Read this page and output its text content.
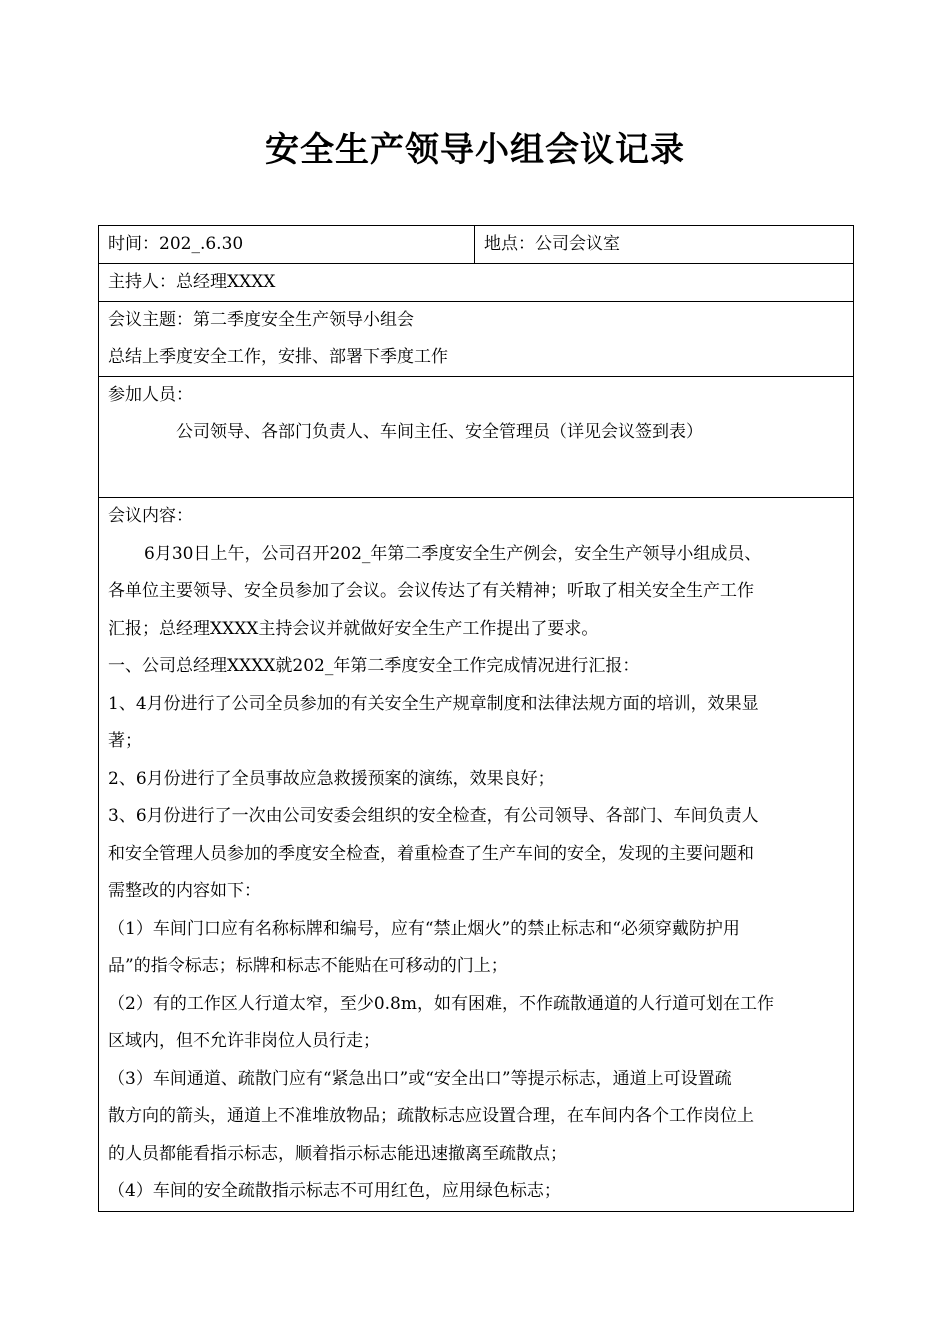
安全生产领导小组会议记录
时间：202_.6.30	地点：公司会议室

主持人：总经理XXXX

会议主题：第二季度安全生产领导小组会
总结上季度安全工作，安排、部署下季度工作

参加人员：
公司领导、各部门负责人、车间主任、安全管理员（详见会议签到表）

会议内容：
6月30日上午，公司召开202_年第二季度安全生产例会，安全生产领导小组成员、
各单位主要领导、安全员参加了会议。会议传达了有关精神；听取了相关安全生产工作
汇报；总经理XXXX主持会议并就做好安全生产工作提出了要求。
一、公司总经理XXXX就202_年第二季度安全工作完成情况进行汇报：
1、4月份进行了公司全员参加的有关安全生产规章制度和法律法规方面的培训，效果显
著；
2、6月份进行了全员事故应急救援预案的演练，效果良好；
3、6月份进行了一次由公司安委会组织的安全检查，有公司领导、各部门、车间负责人
和安全管理人员参加的季度安全检查，着重检查了生产车间的安全，发现的主要问题和
需整改的内容如下：
（1）车间门口应有名称标牌和编号，应有“禁止烟火”的禁止标志和“必须穿戴防护用
品”的指令标志；标牌和标志不能贴在可移动的门上；
（2）有的工作区人行道太窄，至少0.8m，如有困难，不作疏散通道的人行道可划在工作
区域内，但不允许非岗位人员行走；
（3）车间通道、疏散门应有“紧急出口”或“安全出口”等提示标志，通道上可设置疏
散方向的箭头，通道上不准堆放物品；疏散标志应设置合理，在车间内各个工作岗位上
的人员都能看指示标志，顺着指示标志能迅速撤离至疏散点；
（4）车间的安全疏散指示标志不可用红色，应用绿色标志；
